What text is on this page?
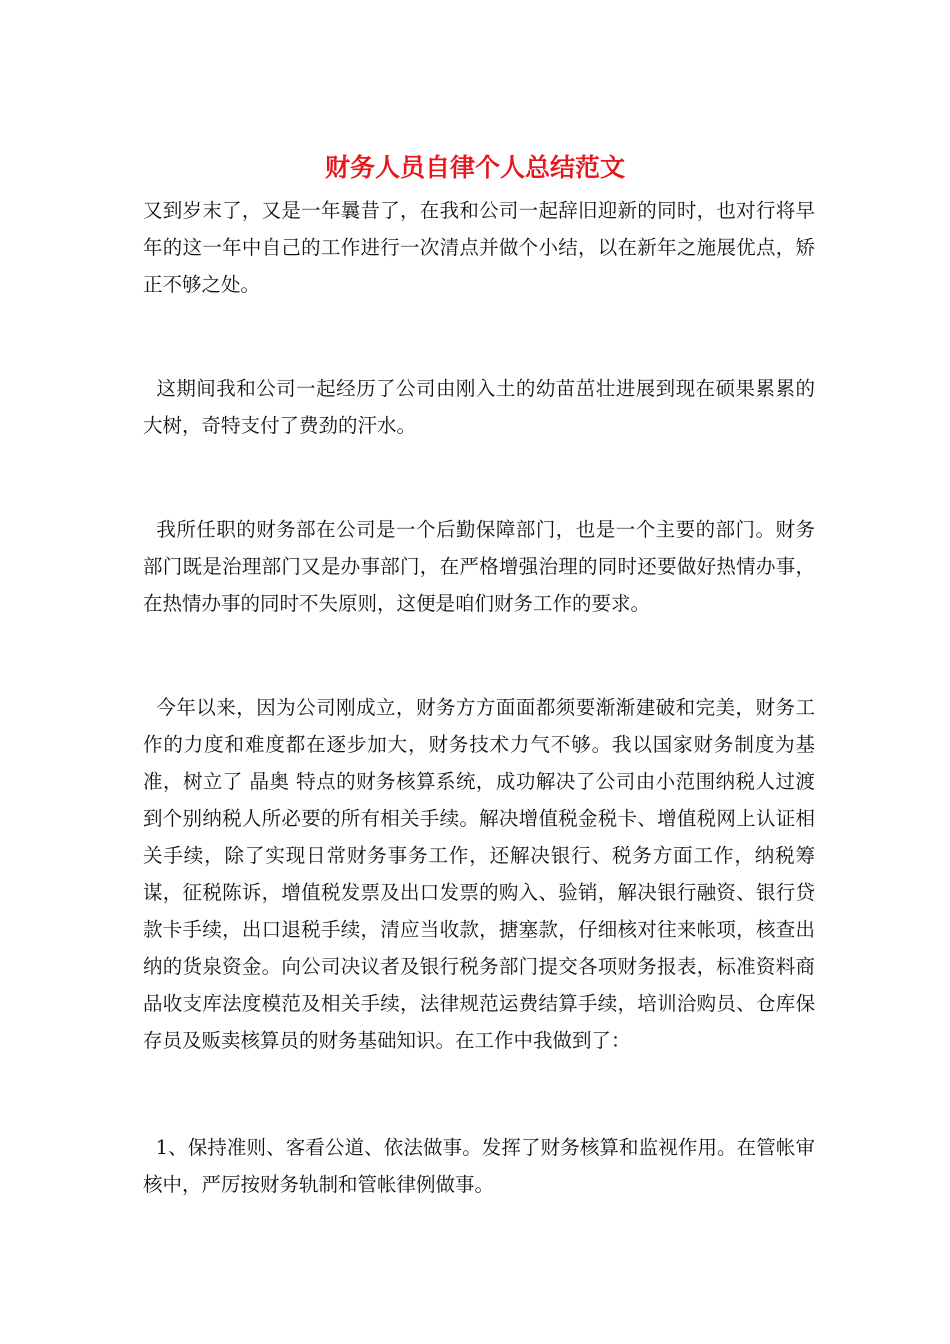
财务人员自律个人总结范文

又到岁末了，又是一年曩昔了，在我和公司一起辞旧迎新的同时，也对行将早年的这一年中自己的工作进行一次清点并做个小结，以在新年之施展优点，矫正不够之处。

这期间我和公司一起经历了公司由刚入土的幼苗茁壮进展到现在硕果累累的大树，奇特支付了费劲的汗水。

我所任职的财务部在公司是一个后勤保障部门，也是一个主要的部门。财务部门既是治理部门又是办事部门，在严格增强治理的同时还要做好热情办事，在热情办事的同时不失原则，这便是咱们财务工作的要求。

今年以来，因为公司刚成立，财务方方面面都须要渐渐建破和完美，财务工作的力度和难度都在逐步加大，财务技术力气不够。我以国家财务制度为基准，树立了 晶奥 特点的财务核算系统，成功解决了公司由小范围纳税人过渡到个别纳税人所必要的所有相关手续。解决增值税金税卡、增值税网上认证相关手续，除了实现日常财务事务工作，还解决银行、税务方面工作，纳税筹谋，征税陈诉，增值税发票及出口发票的购入、验销，解决银行融资、银行贷款卡手续，出口退税手续，清应当收款，搪塞款，仔细核对往来帐项，核查出纳的货泉资金。向公司决议者及银行税务部门提交各项财务报表，标准资料商品收支库法度模范及相关手续，法律规范运费结算手续，培训洽购员、仓库保存员及贩卖核算员的财务基础知识。在工作中我做到了：

1、保持准则、客看公道、依法做事。发挥了财务核算和监视作用。在管帐审核中，严厉按财务轨制和管帐律例做事。
